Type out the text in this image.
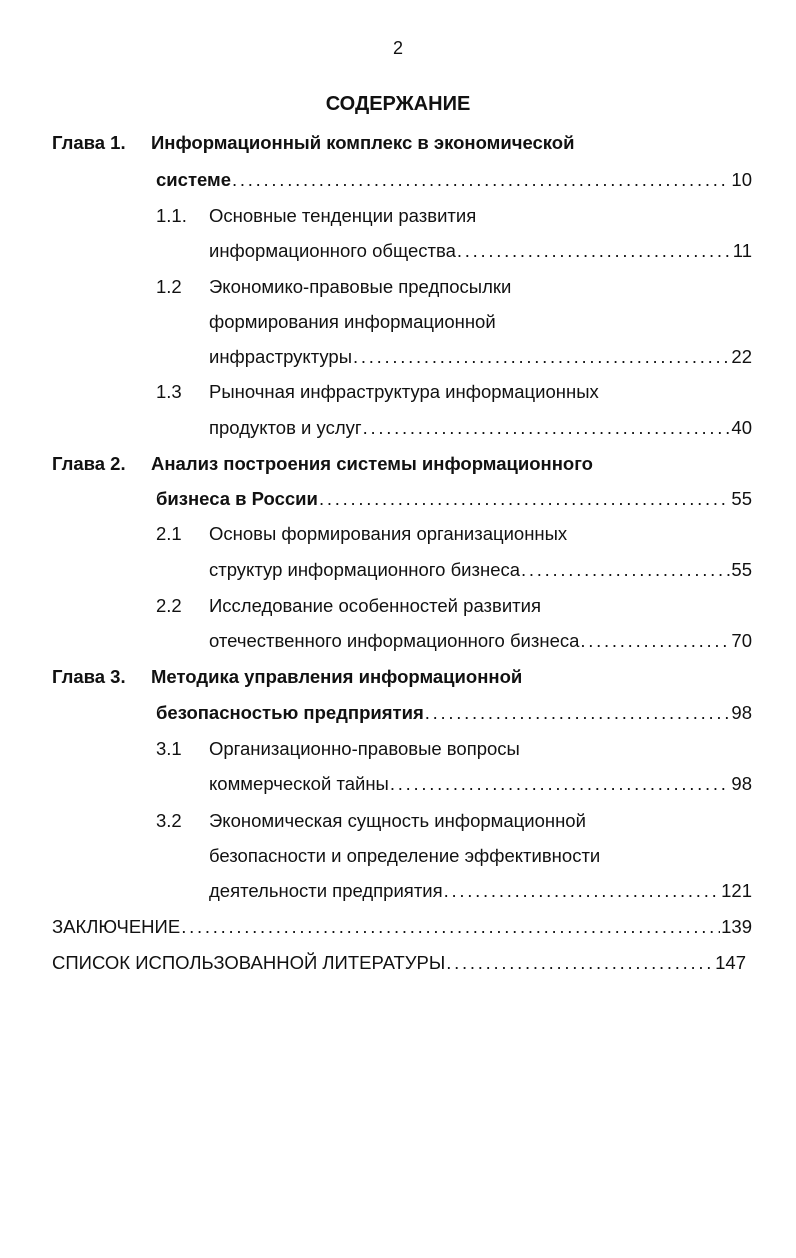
2
СОДЕРЖАНИЕ
Глава 1. Информационный комплекс в экономической
системе . . .	10
1.1. Основные тенденции развития
информационного общества . . .	11
1.2 Экономико-правовые предпосылки
формирования информационной
инфраструктуры . . .	22
1.3 Рыночная инфраструктура информационных
продуктов и услуг . . .	40
Глава 2. Анализ построения системы информационного
бизнеса в России . . .	55
2.1 Основы формирования организационных
структур информационного бизнеса . . .	55
2.2 Исследование особенностей развития
отечественного информационного бизнеса . . .	70
Глава 3. Методика управления информационной
безопасностью предприятия . . .	98
3.1 Организационно-правовые вопросы
коммерческой тайны . . .	98
3.2 Экономическая сущность информационной
безопасности и определение эффективности
деятельности предприятия . . .	121
ЗАКЛЮЧЕНИЕ . . .	139
СПИСОК ИСПОЛЬЗОВАННОЙ ЛИТЕРАТУРЫ . . .	147
